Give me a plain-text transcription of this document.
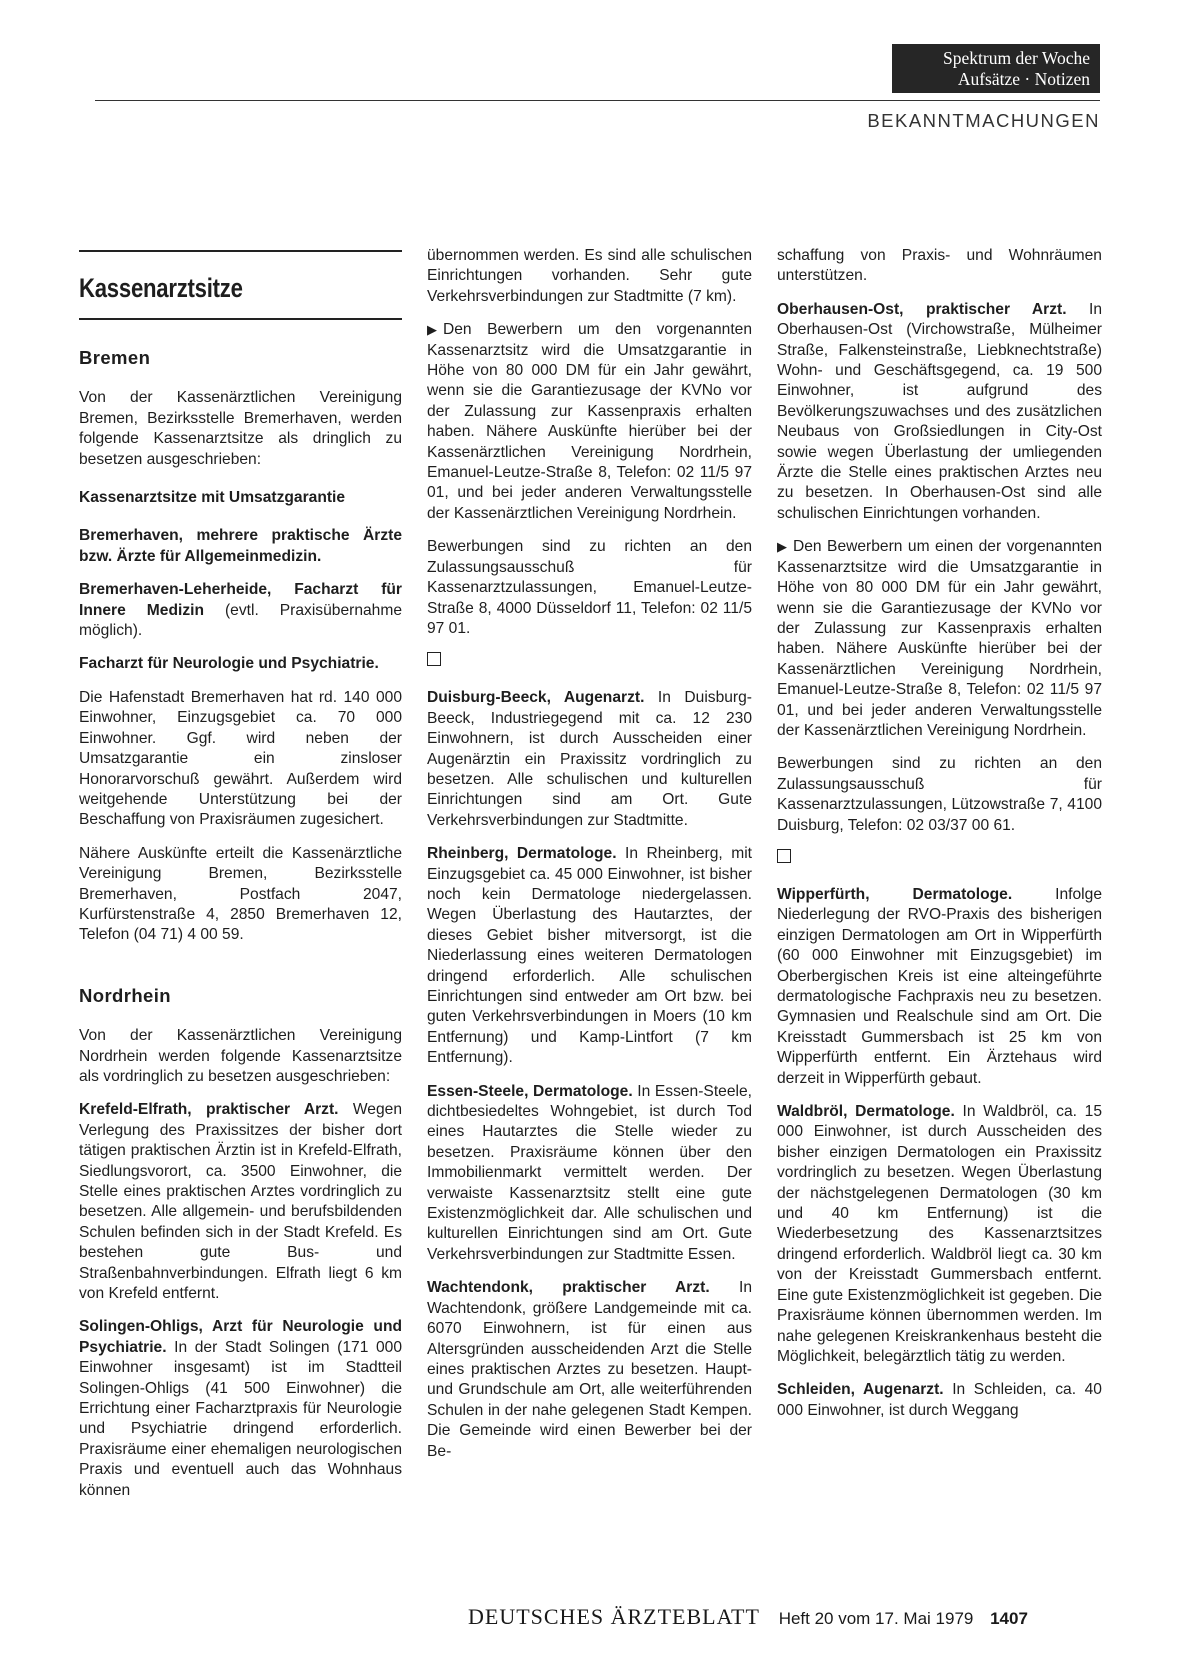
Spektrum der Woche
Aufsätze · Notizen
BEKANNTMACHUNGEN
Kassenarztsitze
Bremen

Von der Kassenärztlichen Vereinigung Bremen, Bezirksstelle Bremerhaven, werden folgende Kassenarztsitze als dringlich zu besetzen ausgeschrieben:

Kassenarztsitze mit Umsatzgarantie

Bremerhaven, mehrere praktische Ärzte bzw. Ärzte für Allgemeinmedizin.

Bremerhaven-Leherheide, Facharzt für Innere Medizin (evtl. Praxisübernahme möglich).

Facharzt für Neurologie und Psychiatrie.

Die Hafenstadt Bremerhaven hat rd. 140 000 Einwohner, Einzugsgebiet ca. 70 000 Einwohner. Ggf. wird neben der Umsatzgarantie ein zinsloser Honorarvorschuß gewährt. Außerdem wird weitgehende Unterstützung bei der Beschaffung von Praxisräumen zugesichert.

Nähere Auskünfte erteilt die Kassenärztliche Vereinigung Bremen, Bezirksstelle Bremerhaven, Postfach 2047, Kurfürstenstraße 4, 2850 Bremerhaven 12, Telefon (04 71) 4 00 59.

Nordrhein

Von der Kassenärztlichen Vereinigung Nordrhein werden folgende Kassenarztsitze als vordringlich zu besetzen ausgeschrieben:

Krefeld-Elfrath, praktischer Arzt. Wegen Verlegung des Praxissitzes der bisher dort tätigen praktischen Ärztin ist in Krefeld-Elfrath, Siedlungsvorort, ca. 3500 Einwohner, die Stelle eines praktischen Arztes vordringlich zu besetzen. Alle allgemein- und berufsbildenden Schulen befinden sich in der Stadt Krefeld. Es bestehen gute Bus- und Straßenbahnverbindungen. Elfrath liegt 6 km von Krefeld entfernt.

Solingen-Ohligs, Arzt für Neurologie und Psychiatrie. In der Stadt Solingen (171 000 Einwohner insgesamt) ist im Stadtteil Solingen-Ohligs (41 500 Einwohner) die Errichtung einer Facharztpraxis für Neurologie und Psychiatrie dringend erforderlich. Praxisräume einer ehemaligen neurologischen Praxis und eventuell auch das Wohnhaus können

übernommen werden. Es sind alle schulischen Einrichtungen vorhanden. Sehr gute Verkehrsverbindungen zur Stadtmitte (7 km).

▶ Den Bewerbern um den vorgenannten Kassenarztsitz wird die Umsatzgarantie in Höhe von 80 000 DM für ein Jahr gewährt, wenn sie die Garantiezusage der KVNo vor der Zulassung zur Kassenpraxis erhalten haben. Nähere Auskünfte hierüber bei der Kassenärztlichen Vereinigung Nordrhein, Emanuel-Leutze-Straße 8, Telefon: 02 11/5 97 01, und bei jeder anderen Verwaltungsstelle der Kassenärztlichen Vereinigung Nordrhein.

Bewerbungen sind zu richten an den Zulassungsausschuß für Kassenarztzulassungen, Emanuel-Leutze-Straße 8, 4000 Düsseldorf 11, Telefon: 02 11/5 97 01.

Duisburg-Beeck, Augenarzt. In Duisburg-Beeck, Industriegegend mit ca. 12 230 Einwohnern, ist durch Ausscheiden einer Augenärztin ein Praxissitz vordringlich zu besetzen. Alle schulischen und kulturellen Einrichtungen sind am Ort. Gute Verkehrsverbindungen zur Stadtmitte.

Rheinberg, Dermatologe. In Rheinberg, mit Einzugsgebiet ca. 45 000 Einwohner, ist bisher noch kein Dermatologe niedergelassen. Wegen Überlastung des Hautarztes, der dieses Gebiet bisher mitversorgt, ist die Niederlassung eines weiteren Dermatologen dringend erforderlich. Alle schulischen Einrichtungen sind entweder am Ort bzw. bei guten Verkehrsverbindungen in Moers (10 km Entfernung) und Kamp-Lintfort (7 km Entfernung).

Essen-Steele, Dermatologe. In Essen-Steele, dichtbesiedeltes Wohngebiet, ist durch Tod eines Hautarztes die Stelle wieder zu besetzen. Praxisräume können über den Immobilienmarkt vermittelt werden. Der verwaiste Kassenarztsitz stellt eine gute Existenzmöglichkeit dar. Alle schulischen und kulturellen Einrichtungen sind am Ort. Gute Verkehrsverbindungen zur Stadtmitte Essen.

Wachtendonk, praktischer Arzt. In Wachtendonk, größere Landgemeinde mit ca. 6070 Einwohnern, ist für einen aus Altersgründen ausscheidenden Arzt die Stelle eines praktischen Arztes zu besetzen. Haupt- und Grundschule am Ort, alle weiterführenden Schulen in der nahe gelegenen Stadt Kempen. Die Gemeinde wird einen Bewerber bei der Be-

schaffung von Praxis- und Wohnräumen unterstützen.

Oberhausen-Ost, praktischer Arzt. In Oberhausen-Ost (Virchowstraße, Mülheimer Straße, Falkensteinstraße, Liebknechtstraße) Wohn- und Geschäftsgegend, ca. 19 500 Einwohner, ist aufgrund des Bevölkerungszuwachses und des zusätzlichen Neubaus von Großsiedlungen in City-Ost sowie wegen Überlastung der umliegenden Ärzte die Stelle eines praktischen Arztes neu zu besetzen. In Oberhausen-Ost sind alle schulischen Einrichtungen vorhanden.

▶ Den Bewerbern um einen der vorgenannten Kassenarztsitze wird die Umsatzgarantie in Höhe von 80 000 DM für ein Jahr gewährt, wenn sie die Garantiezusage der KVNo vor der Zulassung zur Kassenpraxis erhalten haben. Nähere Auskünfte hierüber bei der Kassenärztlichen Vereinigung Nordrhein, Emanuel-Leutze-Straße 8, Telefon: 02 11/5 97 01, und bei jeder anderen Verwaltungsstelle der Kassenärztlichen Vereinigung Nordrhein.

Bewerbungen sind zu richten an den Zulassungsausschuß für Kassenarztzulassungen, Lützowstraße 7, 4100 Duisburg, Telefon: 02 03/37 00 61.

Wipperfürth, Dermatologe. Infolge Niederlegung der RVO-Praxis des bisherigen einzigen Dermatologen am Ort in Wipperfürth (60 000 Einwohner mit Einzugsgebiet) im Oberbergischen Kreis ist eine alteingeführte dermatologische Fachpraxis neu zu besetzen. Gymnasien und Realschule sind am Ort. Die Kreisstadt Gummersbach ist 25 km von Wipperfürth entfernt. Ein Ärztehaus wird derzeit in Wipperfürth gebaut.

Waldbröl, Dermatologe. In Waldbröl, ca. 15 000 Einwohner, ist durch Ausscheiden des bisher einzigen Dermatologen ein Praxissitz vordringlich zu besetzen. Wegen Überlastung der nächstgelegenen Dermatologen (30 km und 40 km Entfernung) ist die Wiederbesetzung des Kassenarztsitzes dringend erforderlich. Waldbröl liegt ca. 30 km von der Kreisstadt Gummersbach entfernt. Eine gute Existenzmöglichkeit ist gegeben. Die Praxisräume können übernommen werden. Im nahe gelegenen Kreiskrankenhaus besteht die Möglichkeit, belegärztlich tätig zu werden.

Schleiden, Augenarzt. In Schleiden, ca. 40 000 Einwohner, ist durch Weggang

DEUTSCHES ÄRZTEBLATT Heft 20 vom 17. Mai 1979 1407
